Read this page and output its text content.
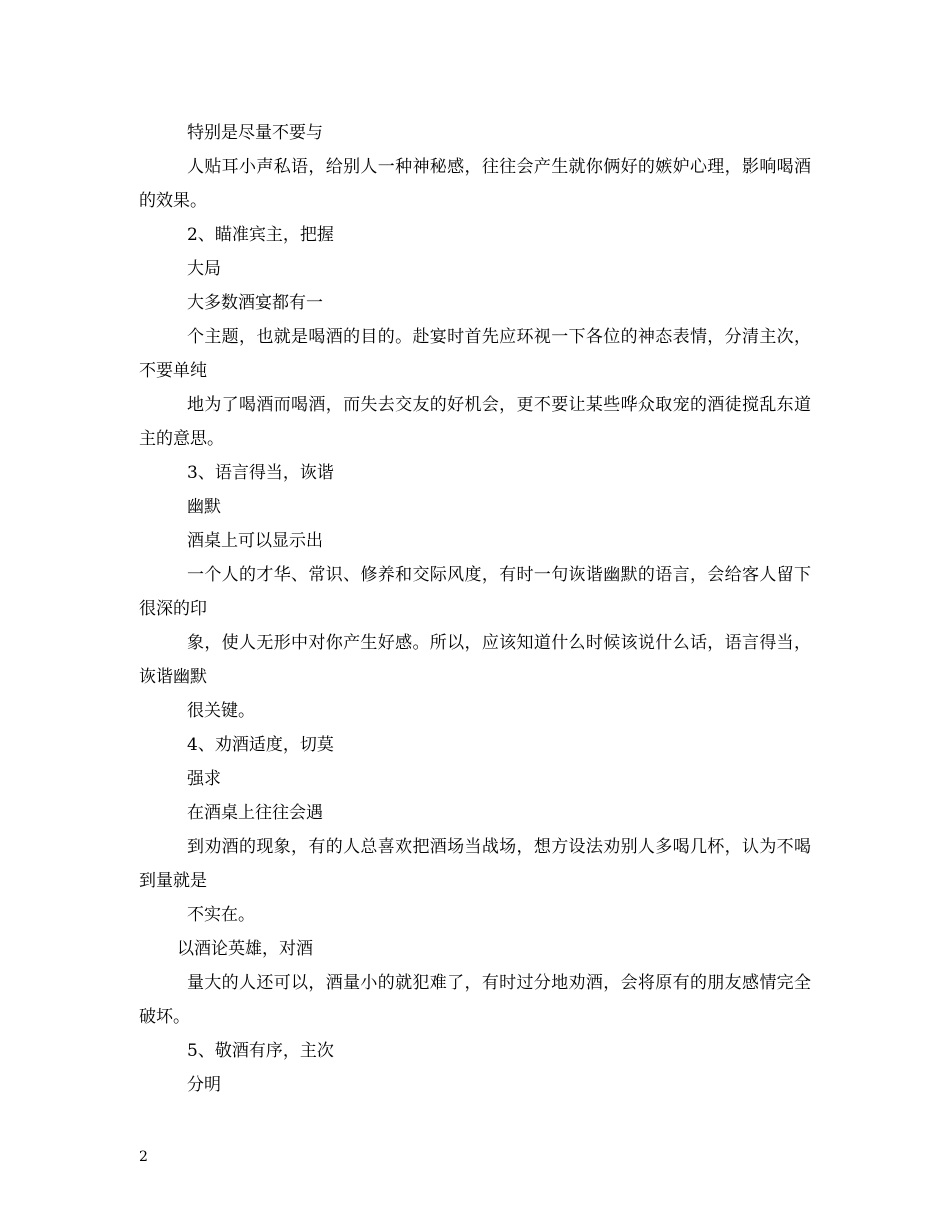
特别是尽量不要与

人贴耳小声私语，给别人一种神秘感，往往会产生就你俩好的嫉妒心理，影响喝酒的效果。

2、瞄准宾主，把握

大局

大多数酒宴都有一

个主题，也就是喝酒的目的。赴宴时首先应环视一下各位的神态表情，分清主次，不要单纯

地为了喝酒而喝酒，而失去交友的好机会，更不要让某些哗众取宠的酒徒搅乱东道主的意思。

3、语言得当，诙谐

幽默

酒桌上可以显示出

一个人的才华、常识、修养和交际风度，有时一句诙谐幽默的语言，会给客人留下很深的印

象，使人无形中对你产生好感。所以，应该知道什么时候该说什么话，语言得当，诙谐幽默

很关键。

4、劝酒适度，切莫

强求

在酒桌上往往会遇

到劝酒的现象，有的人总喜欢把酒场当战场，想方设法劝别人多喝几杯，认为不喝到量就是

不实在。

以酒论英雄，对酒

量大的人还可以，酒量小的就犯难了，有时过分地劝酒，会将原有的朋友感情完全破坏。

5、敬酒有序，主次

分明

2
